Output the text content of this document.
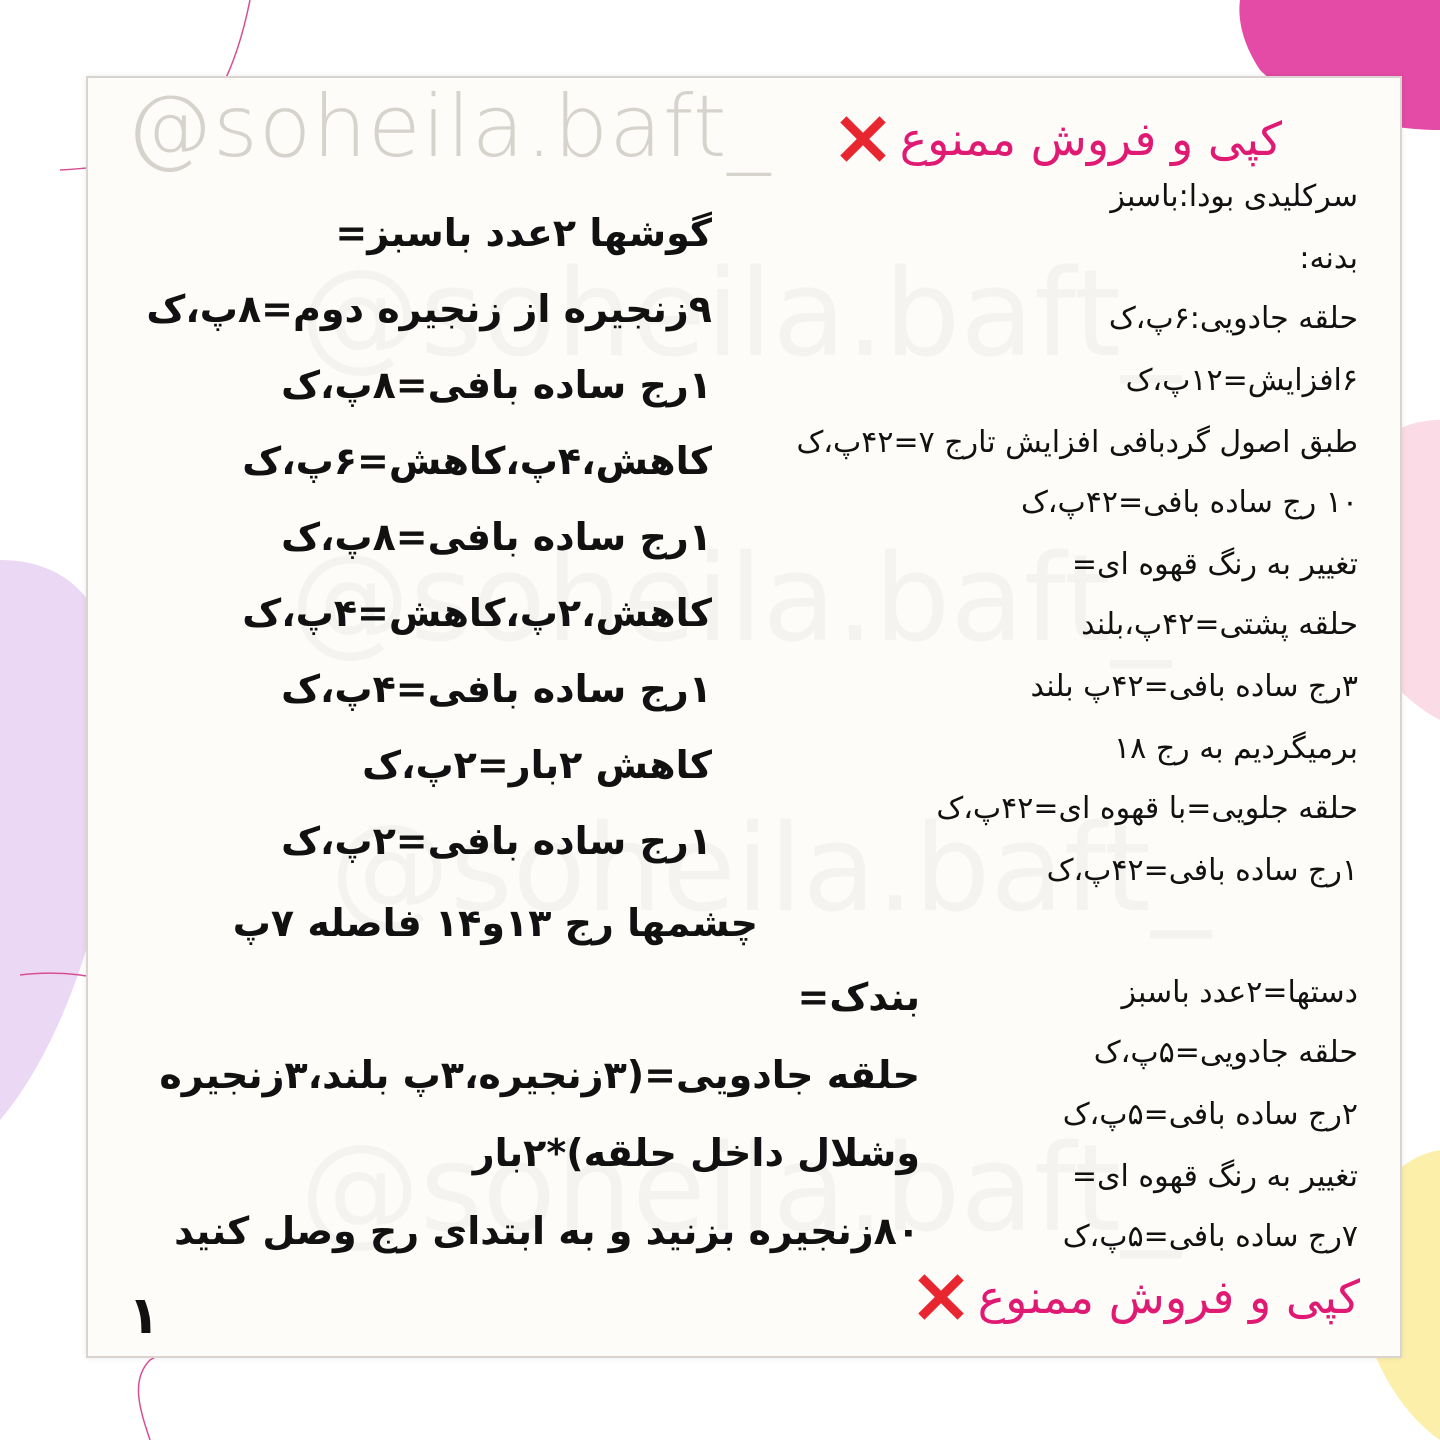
@soheila.baft_	کپی و فروش ممنوع
سرکلیدی بودا:باسبز
بدنه:
حلقه جادویی:۶پ،ک
۶افزایش=۱۲پ،ک
طبق اصول گردبافی افزایش تارج ۷=۴۲پ،ک
۱۰ رج ساده بافی=۴۲پ،ک
تغییر به رنگ قهوه ای=
حلقه پشتی=۴۲پ،بلند
۳رج ساده بافی=۴۲پ بلند
برمیگردیم به رج ۱۸
حلقه جلویی=با قهوه ای=۴۲پ،ک
۱رج ساده بافی=۴۲پ،ک
دستها=۲عدد باسبز
حلقه جادویی=۵پ،ک
۲رج ساده بافی=۵پ،ک
تغییر به رنگ قهوه ای=
۷رج ساده بافی=۵پ،ک
گوشها ۲عدد باسبز=
۹زنجیره از زنجیره دوم=۸پ،ک
۱رج ساده بافی=۸پ،ک
کاهش،۴پ،کاهش=۶پ،ک
۱رج ساده بافی=۸پ،ک
کاهش،۲پ،کاهش=۴پ،ک
۱رج ساده بافی=۴پ،ک
کاهش ۲بار=۲پ،ک
۱رج ساده بافی=۲پ،ک
چشمها رج ۱۳و۱۴ فاصله ۷پ
بندک=
حلقه جادویی=(۳زنجیره،۳پ بلند،۳زنجیره
وشلال داخل حلقه)*۲بار
۸۰زنجیره بزنید و به ابتدای رج وصل کنید
کپی و فروش ممنوع
۱
